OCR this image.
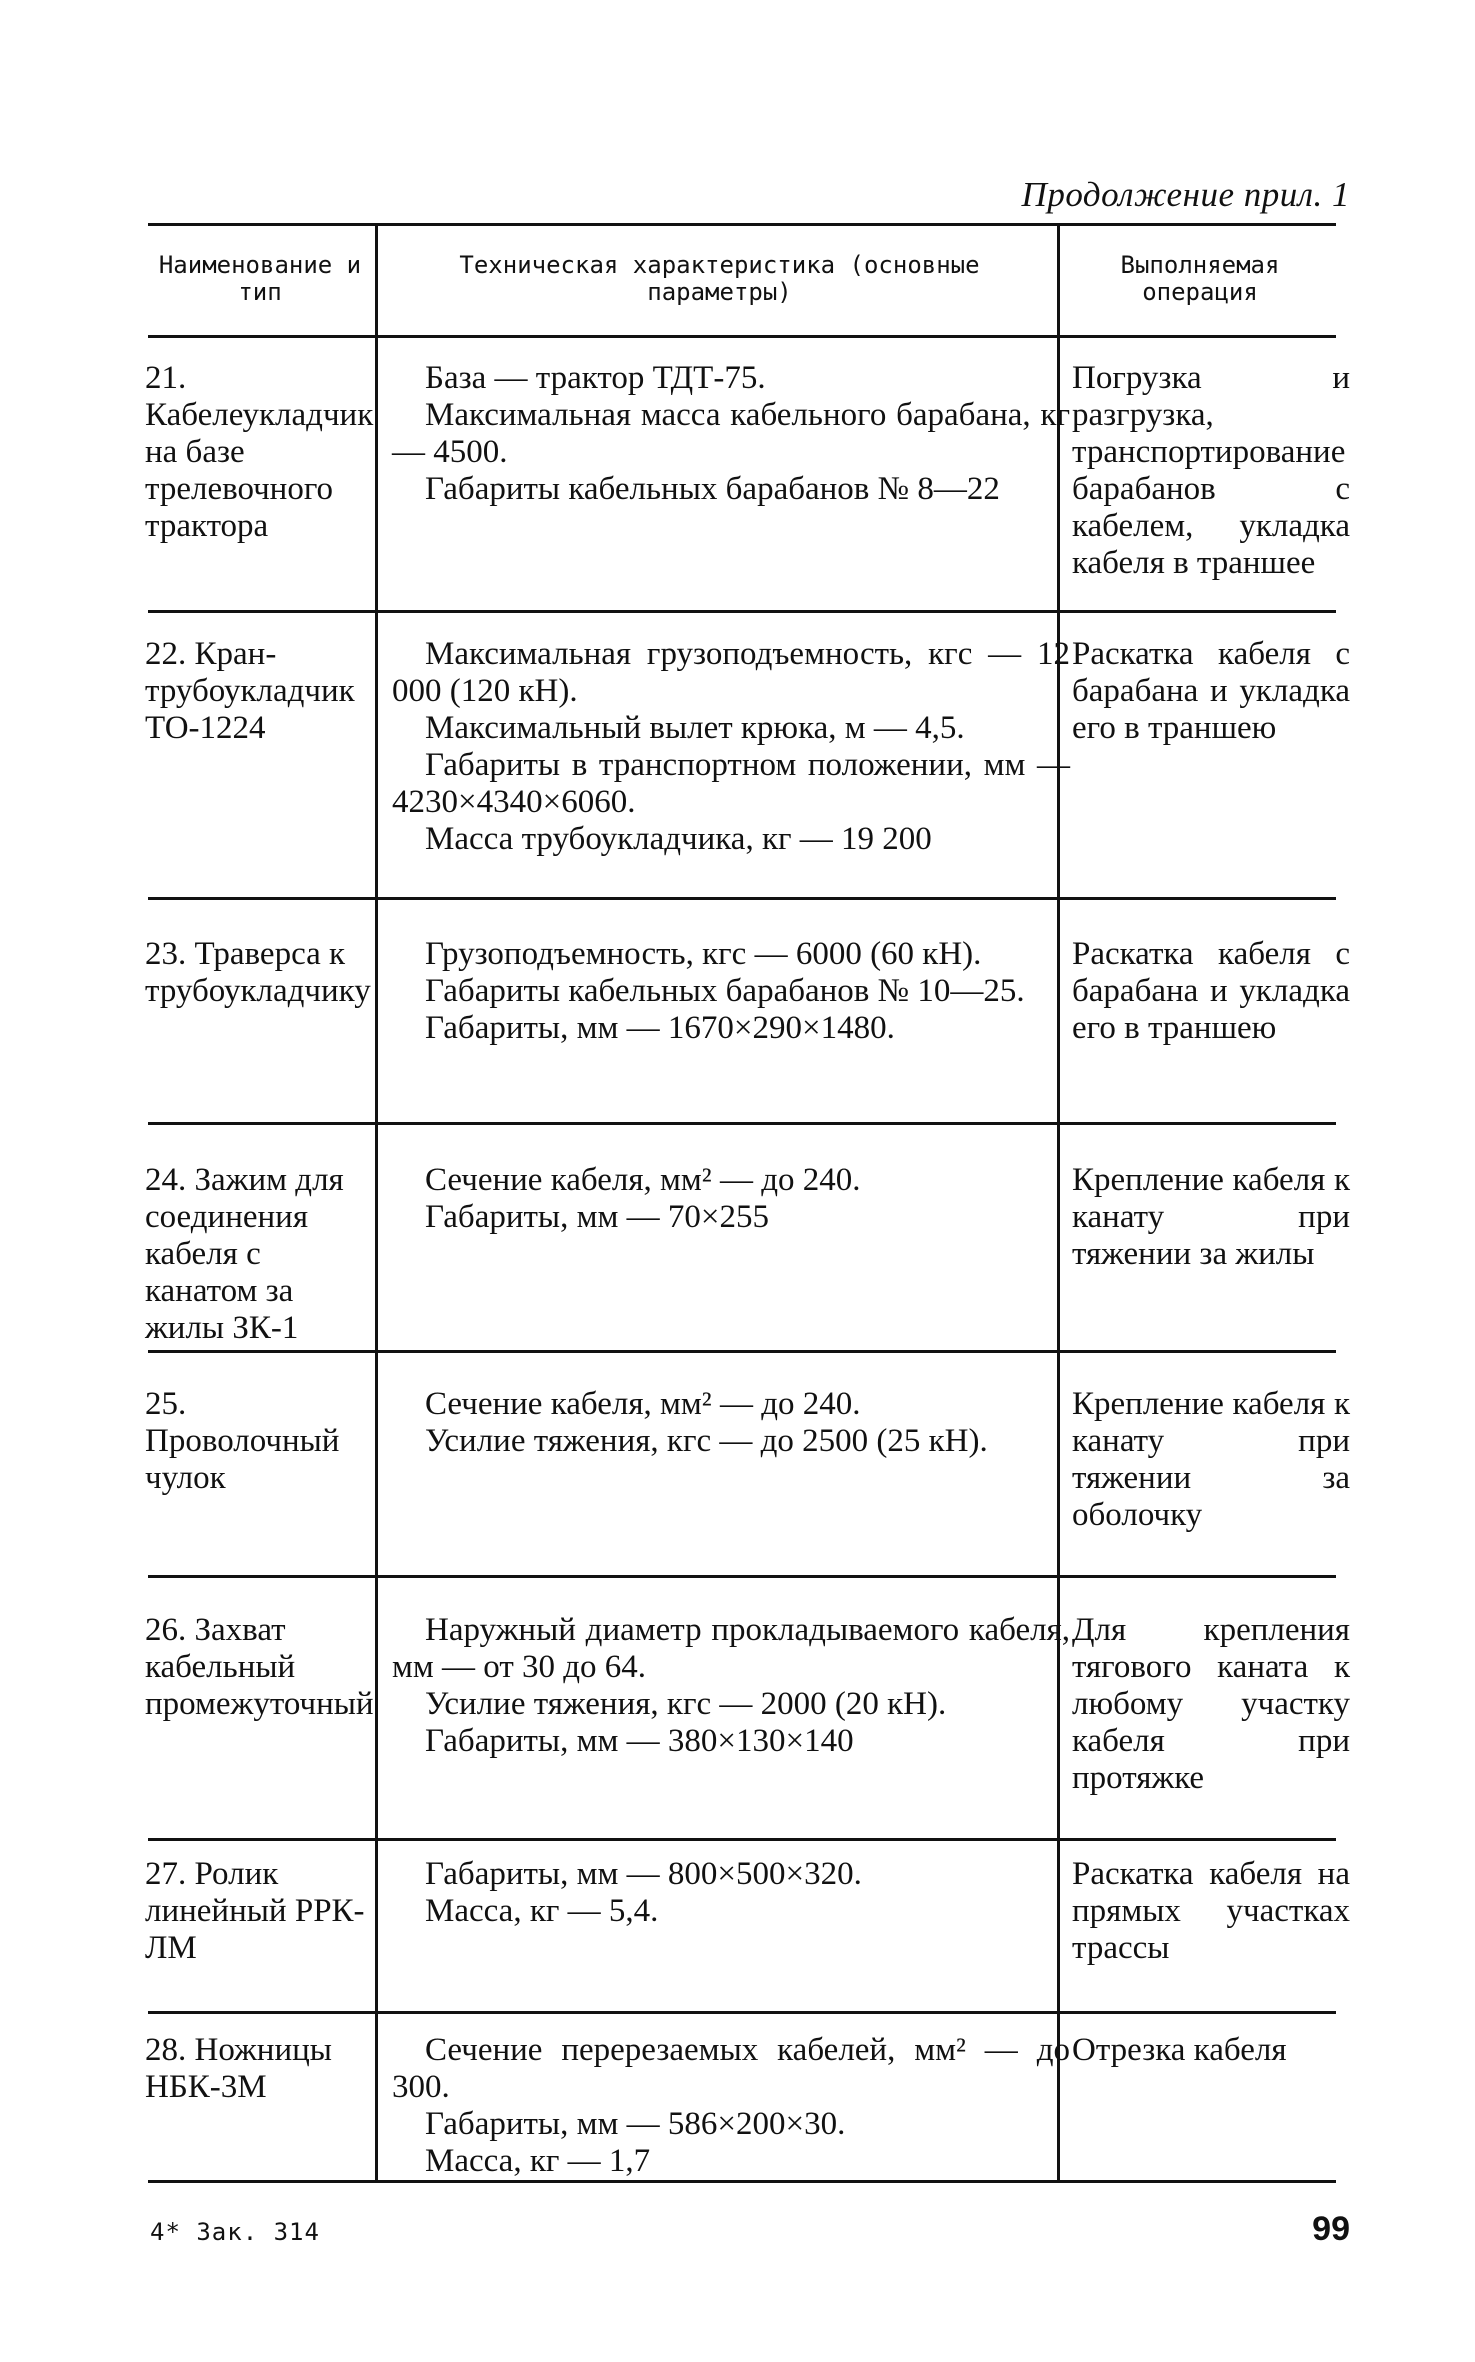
Продолжение прил. 1
Наименование и тип
Техническая характеристика (основные параметры)
Выполняемая операция
21. Кабелеукладчик на базе трелевочного трактора

База — трактор ТДТ-75.

Максимальная масса кабельного барабана, кг — 4500.

Габариты кабельных барабанов № 8—22

Погрузка и разгрузка, транспортирование барабанов с кабелем, укладка кабеля в траншее
22. Кран-трубоукладчик ТО-1224

Максимальная грузоподъемность, кгс — 12 000 (120 кН).

Максимальный вылет крюка, м — 4,5.

Габариты в транспортном положении, мм — 4230×4340×6060.

Масса трубоукладчика, кг — 19 200

Раскатка кабеля с барабана и укладка его в траншею
23. Траверса к трубоукладчику

Грузоподъемность, кгс — 6000 (60 кН).

Габариты кабельных барабанов № 10—25.

Габариты, мм — 1670×290×1480.

Раскатка кабеля с барабана и укладка его в траншею
24. Зажим для соединения кабеля с канатом за жилы ЗК-1

Сечение кабеля, мм² — до 240.

Габариты, мм — 70×255

Крепление кабеля к канату при тяжении за жилы
25. Проволочный чулок

Сечение кабеля, мм² — до 240.

Усилие тяжения, кгс — до 2500 (25 кН).

Крепление кабеля к канату при тяжении за оболочку
26. Захват кабельный промежуточный

Наружный диаметр прокладываемого кабеля, мм — от 30 до 64.

Усилие тяжения, кгс — 2000 (20 кН).

Габариты, мм — 380×130×140

Для крепления тягового каната к любому участку кабеля при протяжке
27. Ролик линейный РРК-ЛМ

Габариты, мм — 800×500×320.

Масса, кг — 5,4.

Раскатка кабеля на прямых участках трассы
28. Ножницы НБК-3М

Сечение перерезаемых кабелей, мм² — до 300.

Габариты, мм — 586×200×30.

Масса, кг — 1,7

Отрезка кабеля
4* Зак. 314	99
